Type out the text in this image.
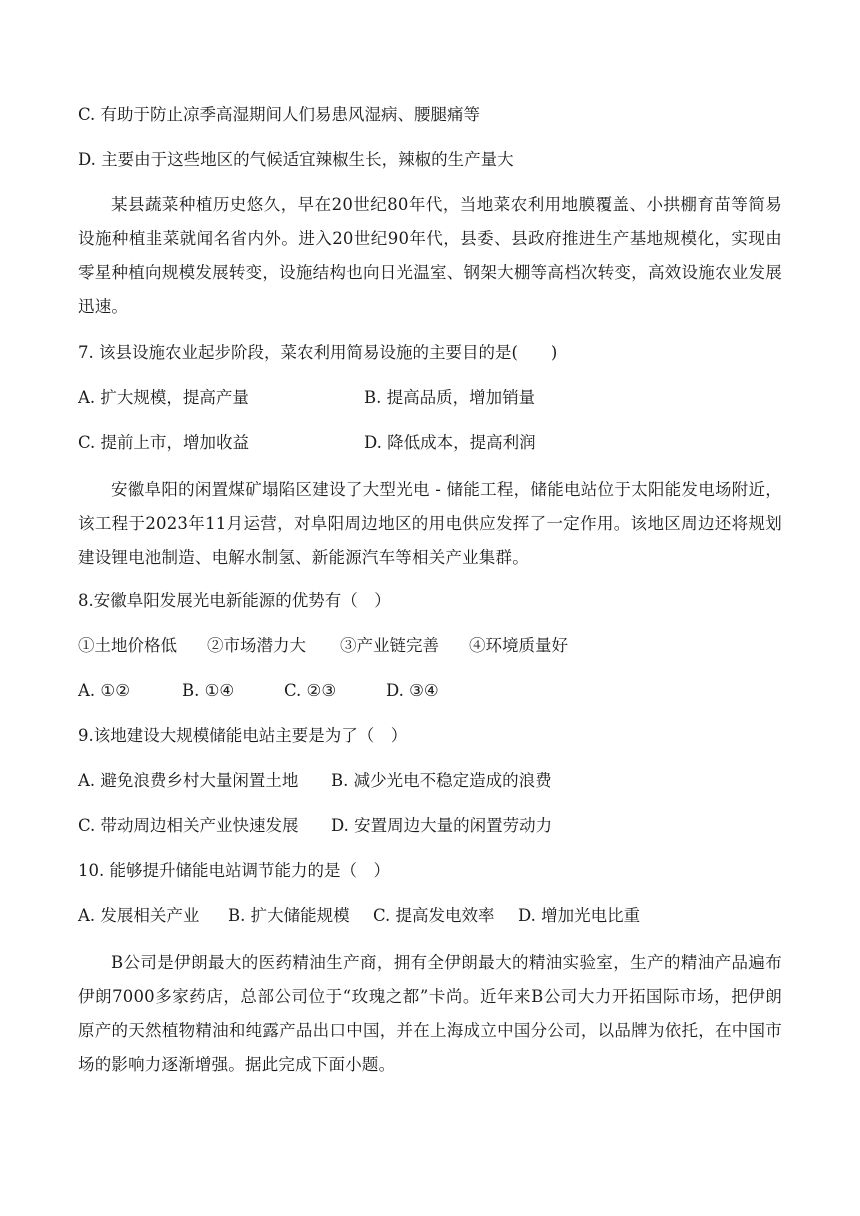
C. 有助于防止凉季高湿期间人们易患风湿病、腰腿痛等
D. 主要由于这些地区的气候适宜辣椒生长，辣椒的生产量大
某县蔬菜种植历史悠久，早在20世纪80年代，当地菜农利用地膜覆盖、小拱棚育苗等简易设施种植韭菜就闻名省内外。进入20世纪90年代，县委、县政府推进生产基地规模化，实现由零星种植向规模发展转变，设施结构也向日光温室、钢架大棚等高档次转变，高效设施农业发展迅速。
7. 该县设施农业起步阶段，菜农利用简易设施的主要目的是(　　)
A. 扩大规模，提高产量	B. 提高品质，增加销量
C. 提前上市，增加收益	D. 降低成本，提高利润
安徽阜阳的闲置煤矿塌陷区建设了大型光电 - 储能工程，储能电站位于太阳能发电场附近，该工程于2023年11月运营，对阜阳周边地区的用电供应发挥了一定作用。该地区周边还将规划建设锂电池制造、电解水制氢、新能源汽车等相关产业集群。
8.安徽阜阳发展光电新能源的优势有（　）
①土地价格低 ②市场潜力大 ③产业链完善 ④环境质量好
A. ①②	B. ①④	C. ②③	D. ③④
9.该地建设大规模储能电站主要是为了（　）
A. 避免浪费乡村大量闲置土地 B. 减少光电不稳定造成的浪费
C. 带动周边相关产业快速发展 D. 安置周边大量的闲置劳动力
10. 能够提升储能电站调节能力的是（　）
A. 发展相关产业 B. 扩大储能规模 C. 提高发电效率 D. 增加光电比重
B公司是伊朗最大的医药精油生产商，拥有全伊朗最大的精油实验室，生产的精油产品遍布伊朗7000多家药店，总部公司位于“玫瑰之都”卡尚。近年来B公司大力开拓国际市场，把伊朗原产的天然植物精油和纯露产品出口中国，并在上海成立中国分公司，以品牌为依托，在中国市场的影响力逐渐增强。据此完成下面小题。
